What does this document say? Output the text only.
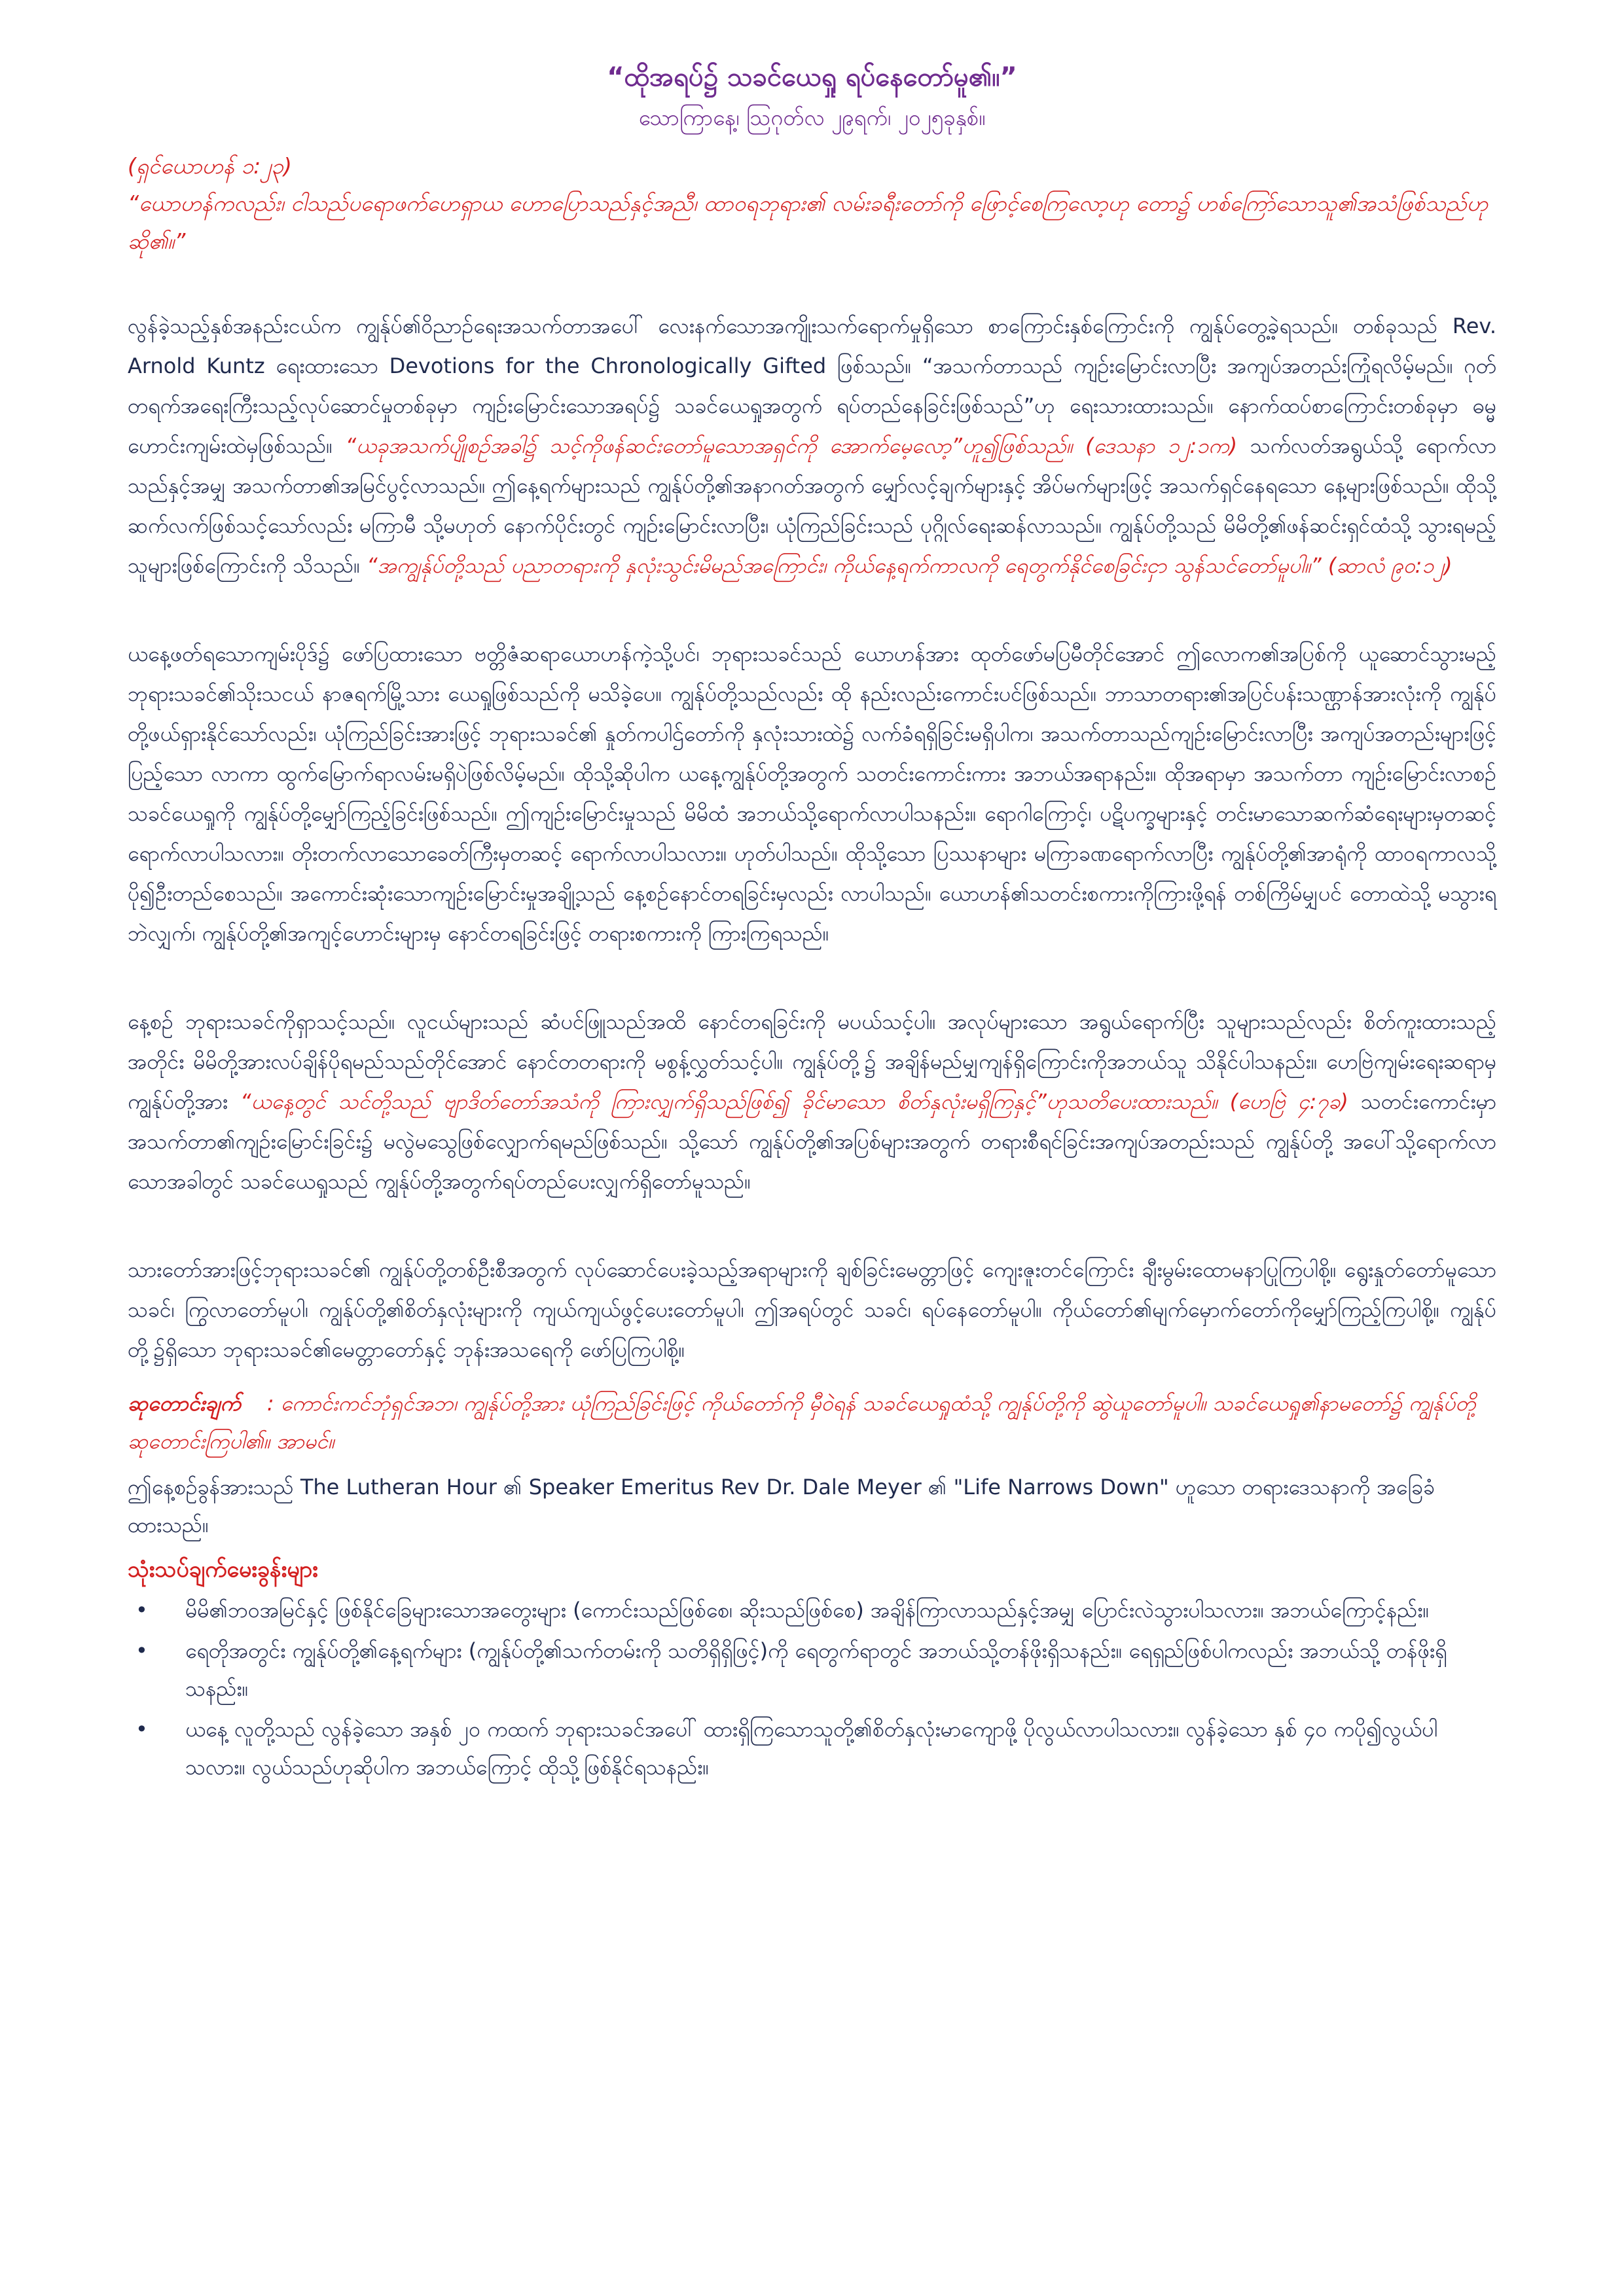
“ထိုအရပ်၌ သခင်ယေရှု ရပ်နေတော်မူ၏။”

သောကြာနေ့၊ ဩဂုတ်လ ၂၉ရက်၊ ၂၀၂၅ခုနှစ်။

(ရှင်ယောဟန် ၁:၂၃)

“ယောဟန်ကလည်း၊ ငါသည်ပရောဖက်ဟေရှာယ ဟောပြောသည်နှင့်အညီ၊ ထာဝရဘုရား၏ လမ်းခရီးတော်ကို ဖြောင့်စေကြလော့ဟု တော၌ ဟစ်ကြော်သောသူ၏အသံဖြစ်သည်ဟု ဆို၏။”

လွန်ခဲ့သည့်နှစ်အနည်းငယ်က ကျွန်ုပ်၏ဝိညာဉ်ရေးအသက်တာအပေါ် လေးနက်သောအကျိုးသက်ရောက်မှုရှိသော စာကြောင်းနှစ်ကြောင်းကို ကျွန်ုပ်တွေ့ခဲ့ရသည်။ တစ်ခုသည် Rev. Arnold Kuntz ရေးထားသော Devotions for the Chronologically Gifted ဖြစ်သည်။ “အသက်တာသည် ကျဉ်းမြောင်းလာပြီး အကျပ်အတည်းကြုံရလိမ့်မည်။ ဂုတ်တရက်အရေးကြီးသည့်လုပ်ဆောင်မှုတစ်ခုမှာ ကျဉ်းမြောင်းသောအရပ်၌ သခင်ယေရှုအတွက် ရပ်တည်နေခြင်းဖြစ်သည်”ဟု ရေးသားထားသည်။ နောက်ထပ်စာကြောင်းတစ်ခုမှာ ဓမ္မဟောင်းကျမ်းထဲမှဖြစ်သည်။ “ယခုအသက်ပျိုစဉ်အခါ၌ သင့်ကိုဖန်ဆင်းတော်မူသောအရှင်ကို အောက်မေ့လော့”ဟူ၍ဖြစ်သည်။ (ဒေသနာ ၁၂:၁က) သက်လတ်အရွယ်သို့ ရောက်လာသည်နှင့်အမျှ အသက်တာ၏အမြင်ပွင့်လာသည်။ ဤနေ့ရက်များသည် ကျွန်ုပ်တို့၏အနာဂတ်အတွက် မျှော်လင့်ချက်များနှင့် အိပ်မက်များဖြင့် အသက်ရှင်နေရသော နေ့များဖြစ်သည်။ ထိုသို့ဆက်လက်ဖြစ်သင့်သော်လည်း မကြာမီ သို့မဟုတ် နောက်ပိုင်းတွင် ကျဉ်းမြောင်းလာပြီး၊ ယုံကြည်ခြင်းသည် ပုဂ္ဂိုလ်ရေးဆန်လာသည်။ ကျွန်ုပ်တို့သည် မိမိတို့၏ဖန်ဆင်းရှင်ထံသို့ သွားရမည့်သူများဖြစ်ကြောင်းကို သိသည်။ “အကျွန်ုပ်တို့သည် ပညာတရားကို နှလုံးသွင်းမိမည်အကြောင်း၊ ကိုယ်နေ့ရက်ကာလကို ရေတွက်နိုင်စေခြင်းငှာ သွန်သင်တော်မူပါ။” (ဆာလံ ၉၀:၁၂)

ယနေ့ဖတ်ရသောကျမ်းပိုဒ်၌ ဖော်ပြထားသော ဗတ္တိဇံဆရာယောဟန်ကဲ့သို့ပင်၊ ဘုရားသခင်သည် ယောဟန်အား ထုတ်ဖော်မပြမီတိုင်အောင် ဤလောက၏အပြစ်ကို ယူဆောင်သွားမည့်ဘုရားသခင်၏သိုးသငယ် နာဇရက်မြို့သား ယေရှုဖြစ်သည်ကို မသိခဲ့ပေ။ ကျွန်ုပ်တို့သည်လည်း ထို နည်းလည်းကောင်းပင်ဖြစ်သည်။ ဘာသာတရား၏အပြင်ပန်းသဏ္ဌာန်အားလုံးကို ကျွန်ုပ်တို့ဖယ်ရှားနိုင်သော်လည်း၊ ယုံကြည်ခြင်းအားဖြင့် ဘုရားသခင်၏ နှုတ်ကပါဌ်တော်ကို နှလုံးသားထဲ၌ လက်ခံရရှိခြင်းမရှိပါက၊ အသက်တာသည်ကျဉ်းမြောင်းလာပြီး အကျပ်အတည်းများဖြင့်ပြည့်သော လာကာ ထွက်မြောက်ရာလမ်းမရှိပဲဖြစ်လိမ့်မည်။ ထိုသို့ဆိုပါက ယနေ့ကျွန်ုပ်တို့အတွက် သတင်းကောင်းကား အဘယ်အရာနည်း။ ထိုအရာမှာ အသက်တာ ကျဉ်းမြောင်းလာစဉ် သခင်ယေရှုကို ကျွန်ုပ်တို့မျှော်ကြည့်ခြင်းဖြစ်သည်။ ဤကျဉ်းမြောင်းမှုသည် မိမိထံ အဘယ်သို့ရောက်လာပါသနည်း။ ရောဂါကြောင့်၊ ပဋိပက္ခများနှင့် တင်းမာသောဆက်ဆံရေးများမှတဆင့် ရောက်လာပါသလား။ တိုးတက်လာသောခေတ်ကြီးမှတဆင့် ရောက်လာပါသလား။ ဟုတ်ပါသည်။ ထိုသို့သော ပြဿနာများ မကြာခဏရောက်လာပြီး ကျွန်ုပ်တို့၏အာရုံကို ထာဝရကာလသို့ ပို၍ဦးတည်စေသည်။ အကောင်းဆုံးသောကျဉ်းမြောင်းမှုအချို့သည် နေ့စဉ်နောင်တရခြင်းမှလည်း လာပါသည်။ ယောဟန်၏သတင်းစကားကိုကြားဖို့ရန် တစ်ကြိမ်မျှပင် တောထဲသို့ မသွားရဘဲလျှက်၊ ကျွန်ုပ်တို့၏အကျင့်ဟောင်းများမှ နောင်တရခြင်းဖြင့် တရားစကားကို ကြားကြရသည်။

နေ့စဉ် ဘုရားသခင်ကိုရှာသင့်သည်။ လူငယ်များသည် ဆံပင်ဖြူသည်အထိ နောင်တရခြင်းကို မပယ်သင့်ပါ။ အလုပ်များသော အရွယ်ရောက်ပြီး သူများသည်လည်း စိတ်ကူးထားသည့်အတိုင်း မိမိတို့အားလပ်ချိန်ပိုရမည်သည်တိုင်အောင် နောင်တတရားကို မစွန့်လွှတ်သင့်ပါ။ ကျွန်ုပ်တို့၌ အချိန်မည်မျှကျန်ရှိကြောင်းကိုအဘယ်သူ သိနိုင်ပါသနည်း။ ဟေဗြဲကျမ်းရေးဆရာမှ ကျွန်ုပ်တို့အား “ယနေ့တွင် သင်တို့သည် ဗျာဒိတ်တော်အသံကို ကြားလျှက်ရှိသည်ဖြစ်၍ ခိုင်မာသော စိတ်နှလုံးမရှိကြနှင့်”ဟုသတိပေးထားသည်။ (ဟေဗြဲ ၄:၇ခ) သတင်းကောင်းမှာ အသက်တာ၏ကျဉ်းမြောင်းခြင်း၌ မလွဲမသွေဖြစ်လျှောက်ရမည်ဖြစ်သည်။ သို့သော် ကျွန်ုပ်တို့၏အပြစ်များအတွက် တရားစီရင်ခြင်းအကျပ်အတည်းသည် ကျွန်ုပ်တို့ အပေါ်သို့ရောက်လာသောအခါတွင် သခင်ယေရှုသည် ကျွန်ုပ်တို့အတွက်ရပ်တည်ပေးလျှက်ရှိတော်မူသည်။

သားတော်အားဖြင့်ဘုရားသခင်၏ ကျွန်ုပ်တို့တစ်ဦးစီအတွက် လုပ်ဆောင်ပေးခဲ့သည့်အရာများကို ချစ်ခြင်းမေတ္တာဖြင့် ကျေးဇူးတင်ကြောင်း ချီးမွမ်းထောမနာပြုကြပါစို့။ ရွေးနှုတ်တော်မူသောသခင်၊ ကြွလာတော်မူပါ၊ ကျွန်ုပ်တို့၏စိတ်နှလုံးများကို ကျယ်ကျယ်ဖွင့်ပေးတော်မူပါ၊ ဤအရပ်တွင် သခင်၊ ရပ်နေတော်မူပါ။ ကိုယ်တော်၏မျက်မှောက်တော်ကိုမျှော်ကြည့်ကြပါစို့။ ကျွန်ုပ်တို့၌ရှိသော ဘုရားသခင်၏မေတ္တာတော်နှင့် ဘုန်းအသရေကို ဖော်ပြကြပါစို့။

ဆုတောင်းချက် : ကောင်းကင်ဘုံရှင်အဘ၊ ကျွန်ုပ်တို့အား ယုံကြည်ခြင်းဖြင့် ကိုယ်တော်ကို မှီဝဲရန် သခင်ယေရှုထံသို့ ကျွန်ုပ်တို့ကို ဆွဲယူတော်မူပါ။ သခင်ယေရှု၏နာမတော်၌ ကျွန်ုပ်တို့ဆုတောင်းကြပါ၏။ အာမင်။

ဤနေ့စဉ်ခွန်အားသည် The Lutheran Hour ၏ Speaker Emeritus Rev Dr. Dale Meyer ၏ "Life Narrows Down" ဟူသော တရားဒေသနာကို အခြေခံထားသည်။

သုံးသပ်ချက်မေးခွန်းများ

• မိမိ၏ဘဝအမြင်နှင့် ဖြစ်နိုင်ခြေများသောအတွေးများ (ကောင်းသည်ဖြစ်စေ၊ ဆိုးသည်ဖြစ်စေ) အချိန်ကြာလာသည်နှင့်အမျှ ပြောင်းလဲသွားပါသလား။ အဘယ်ကြောင့်နည်း။
• ရေတိုအတွင်း ကျွန်ုပ်တို့၏နေ့ရက်များ (ကျွန်ုပ်တို့၏သက်တမ်းကို သတိရှိရှိဖြင့်)ကို ရေတွက်ရာတွင် အဘယ်သို့တန်ဖိုးရှိသနည်း။ ရေရှည်ဖြစ်ပါကလည်း အဘယ်သို့ တန်ဖိုးရှိသနည်း။
• ယနေ့ လူတို့သည် လွန်ခဲ့သော အနှစ် ၂၀ ကထက် ဘုရားသခင်အပေါ် ထားရှိကြသောသူတို့၏စိတ်နှလုံးမာကျောဖို့ ပိုလွယ်လာပါသလား။ လွန်ခဲ့သော နှစ် ၄၀ ကပို၍လွယ်ပါသလား။ လွယ်သည်ဟုဆိုပါက အဘယ်ကြောင့် ထိုသို့ဖြစ်နိုင်ရသနည်း။
